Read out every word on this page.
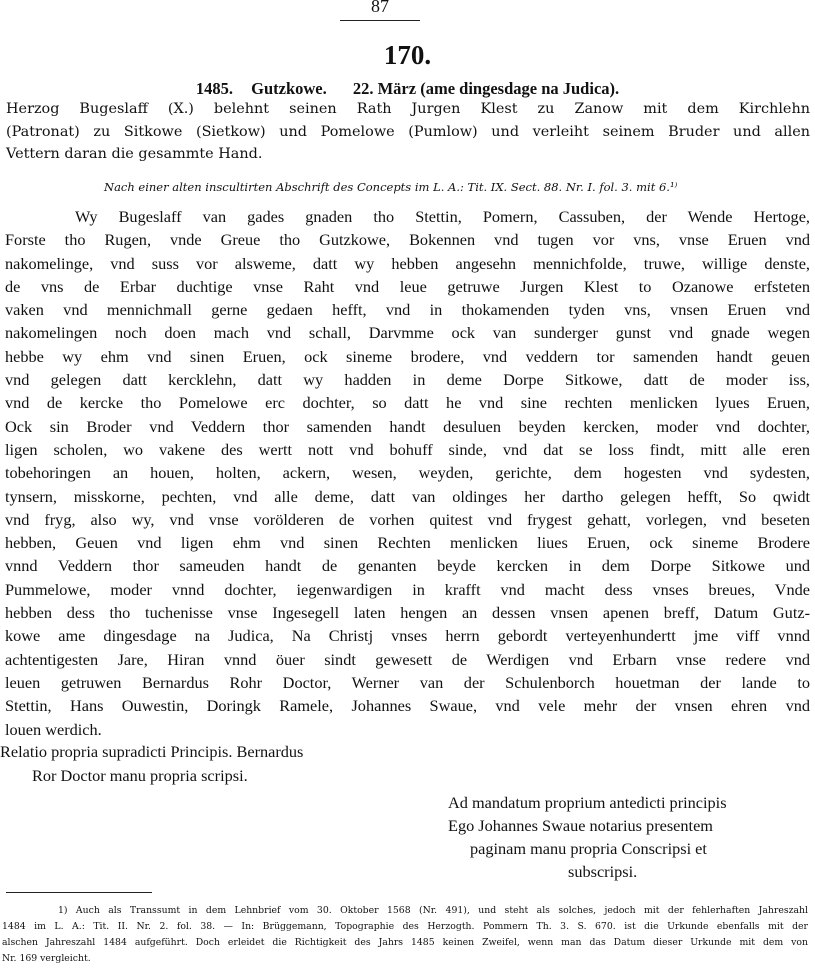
87
170.
1485. Gutzkowe. 22. März (ame dingesdage na Judica).
Herzog Bugeslaff (X.) belehnt seinen Rath Jurgen Klest zu Zanow mit dem Kirchlehn
(Patronat) zu Sitkowe (Sietkow) und Pomelowe (Pumlow) und verleiht seinem Bruder und allen
Vettern daran die gesammte Hand.
Nach einer alten inscultirten Abschrift des Concepts im L. A.: Tit. IX. Sect. 88. Nr. I. fol. 3. mit 6.¹⁾
Wy Bugeslaff van gades gnaden tho Stettin, Pomern, Cassuben, der Wende Hertoge,
Forste tho Rugen, vnde Greue tho Gutzkowe, Bokennen vnd tugen vor vns, vnse Eruen vnd
nakomelinge, vnd suss vor alsweme, datt wy hebben angesehn mennichfolde, truwe, willige denste,
de vns de Erbar duchtige vnse Raht vnd leue getruwe Jurgen Klest to Ozanowe erfsteten
vaken vnd mennichmall gerne gedaen hefft, vnd in thokamenden tyden vns, vnsen Eruen vnd
nakomelingen noch doen mach vnd schall, Darvmme ock van sunderger gunst vnd gnade wegen
hebbe wy ehm vnd sinen Eruen, ock sineme brodere, vnd veddern tor samenden handt geuen
vnd gelegen datt kercklehn, datt wy hadden in deme Dorpe Sitkowe, datt de moder iss,
vnd de kercke tho Pomelowe erc dochter, so datt he vnd sine rechten menlicken lyues Eruen,
Ock sin Broder vnd Veddern thor samenden handt desuluen beyden kercken, moder vnd dochter,
ligen scholen, wo vakene des wertt nott vnd bohuff sinde, vnd dat se loss findt, mitt alle eren
tobehoringen an houen, holten, ackern, wesen, weyden, gerichte, dem hogesten vnd sydesten,
tynsern, misskorne, pechten, vnd alle deme, datt van oldinges her dartho gelegen hefft, So qwidt
vnd fryg, also wy, vnd vnse vorölderen de vorhen quitest vnd frygest gehatt, vorlegen, vnd beseten
hebben, Geuen vnd ligen ehm vnd sinen Rechten menlicken liues Eruen, ock sineme Brodere
vnnd Veddern thor sameuden handt de genanten beyde kercken in dem Dorpe Sitkowe und
Pummelowe, moder vnnd dochter, iegenwardigen in krafft vnd macht dess vnses breues, Vnde
hebben dess tho tuchenisse vnse Ingesegell laten hengen an dessen vnsen apenen breff, Datum Gutz-
kowe ame dingesdage na Judica, Na Christj vnses herrn gebordt verteyenhundertt jme viff vnnd
achtentigesten Jare, Hiran vnnd öuer sindt gewesett de Werdigen vnd Erbarn vnse redere vnd
leuen getruwen Bernardus Rohr Doctor, Werner van der Schulenborch houetman der lande to
Stettin, Hans Ouwestin, Doringk Ramele, Johannes Swaue, vnd vele mehr der vnsen ehren vnd
louen werdich.
Relatio propria supradicti Principis. Bernardus
Ror Doctor manu propria scripsi.
Ad mandatum proprium antedicti principis
Ego Johannes Swaue notarius presentem
paginam manu propria Conscripsi et
subscripsi.
1) Auch als Transsumt in dem Lehnbrief vom 30. Oktober 1568 (Nr. 491), und steht als solches, jedoch mit der fehlerhaften Jahreszahl
1484 im L. A.: Tit. II. Nr. 2. fol. 38. — In: Brüggemann, Topographie des Herzogth. Pommern Th. 3. S. 670. ist die Urkunde ebenfalls mit der
alschen Jahreszahl 1484 aufgeführt. Doch erleidet die Richtigkeit des Jahrs 1485 keinen Zweifel, wenn man das Datum dieser Urkunde mit dem von
Nr. 169 vergleicht.
